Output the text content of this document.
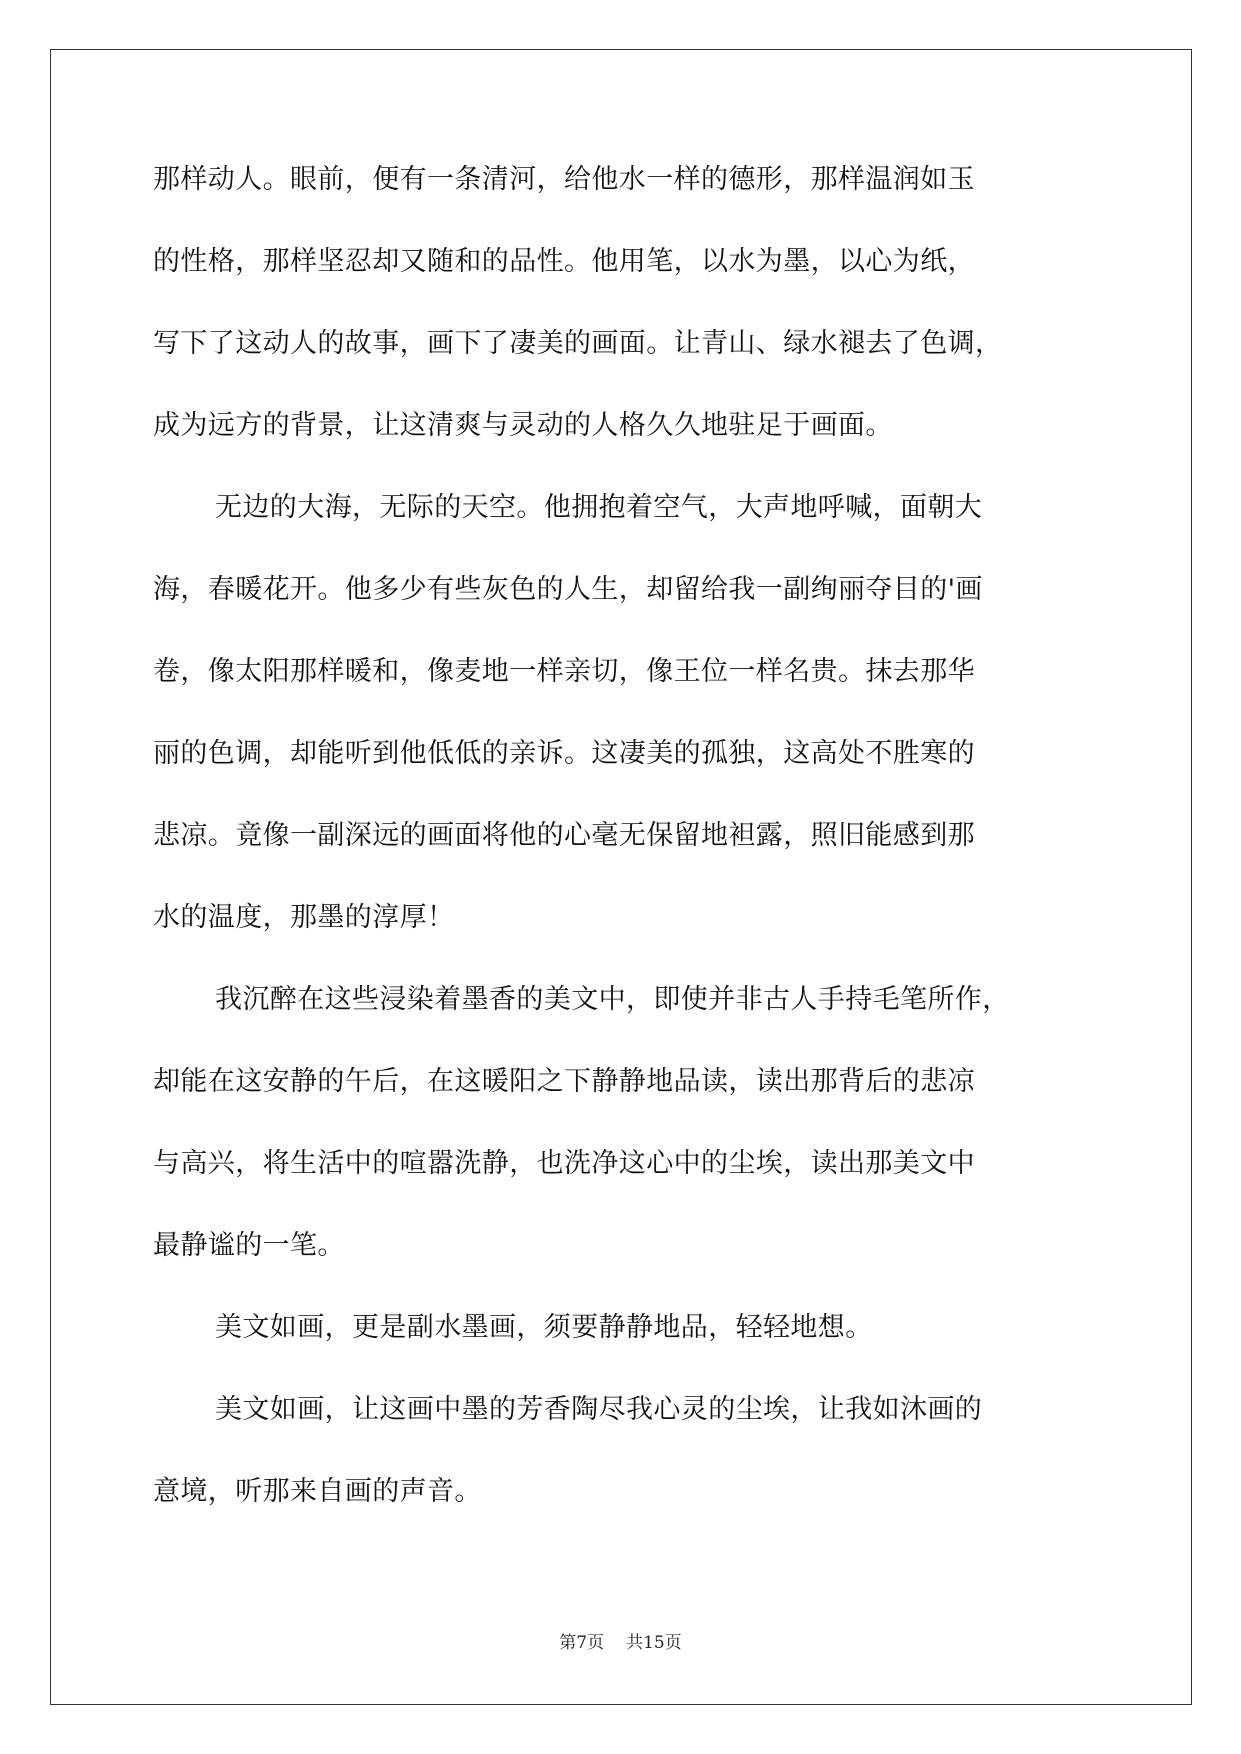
那样动人。眼前，便有一条清河，给他水一样的德形，那样温润如玉
的性格，那样坚忍却又随和的品性。他用笔，以水为墨，以心为纸，
写下了这动人的故事，画下了凄美的画面。让青山、绿水褪去了色调，
成为远方的背景，让这清爽与灵动的人格久久地驻足于画面。
无边的大海，无际的天空。他拥抱着空气，大声地呼喊，面朝大
海，春暖花开。他多少有些灰色的人生，却留给我一副绚丽夺目的'画
卷，像太阳那样暖和，像麦地一样亲切，像王位一样名贵。抹去那华
丽的色调，却能听到他低低的亲诉。这凄美的孤独，这高处不胜寒的
悲凉。竟像一副深远的画面将他的心毫无保留地袒露，照旧能感到那
水的温度，那墨的淳厚！
我沉醉在这些浸染着墨香的美文中，即使并非古人手持毛笔所作，
却能在这安静的午后，在这暖阳之下静静地品读，读出那背后的悲凉
与高兴，将生活中的喧嚣洗静，也洗净这心中的尘埃，读出那美文中
最静谧的一笔。
美文如画，更是副水墨画，须要静静地品，轻轻地想。
美文如画，让这画中墨的芳香陶尽我心灵的尘埃，让我如沐画的
意境，听那来自画的声音。
第7页 共15页
